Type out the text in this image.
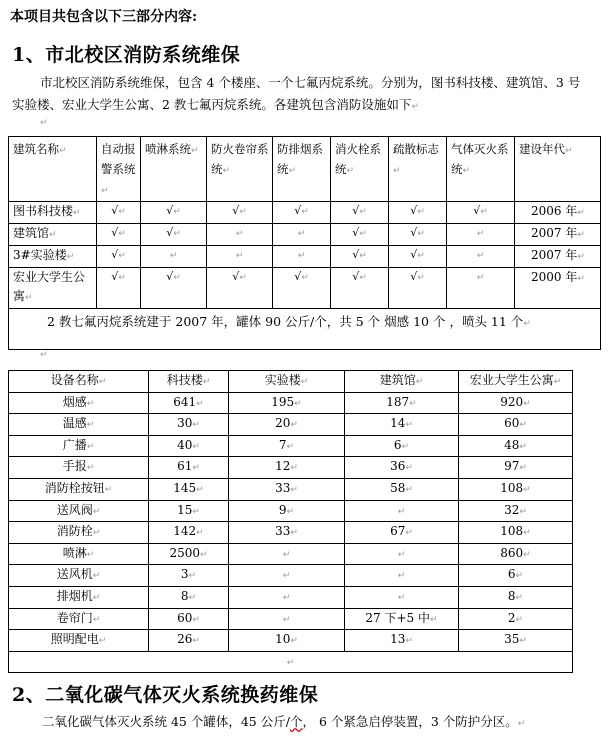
本项目共包含以下三部分内容:
1、市北校区消防系统维保
市北校区消防系统维保，包含 4 个楼座、一个七氟丙烷系统。分别为，图书科技楼、建筑馆、3 号实验楼、宏业大学生公寓、2 教七氟丙烷系统。各建筑包含消防设施如下↵
↵
建筑名称↵	自动报警系统↵	喷淋系统↵	防火卷帘系统↵	防排烟系统↵	消火栓系统↵	疏散标志↵	气体灭火系统↵	建设年代↵
图书科技楼↵	√↵	√↵	√↵	√↵	√↵	√↵	√↵	2006 年↵
建筑馆↵	√↵	√↵	↵	↵	√↵	√↵	↵	2007 年↵
3#实验楼↵	√↵	↵	↵	↵	√↵	√↵	↵	2007 年↵
宏业大学生公寓↵	√↵	√↵	√↵	√↵	√↵	√↵	↵	2000 年↵
2 教七氟丙烷系统建于 2007 年，罐体 90 公斤/个，共 5 个 烟感 10 个 ，喷头 11 个↵								
↵
设备名称↵	科技楼↵	实验楼↵	建筑馆↵	宏业大学生公寓↵
烟感↵	641↵	195↵	187↵	920↵
温感↵	30↵	20↵	14↵	60↵
广播↵	40↵	7↵	6↵	48↵
手报↵	61↵	12↵	36↵	97↵
消防栓按钮↵	145↵	33↵	58↵	108↵
送风阀↵	15↵	9↵	↵	32↵
消防栓↵	142↵	33↵	67↵	108↵
喷淋↵	2500↵	↵	↵	860↵
送风机↵	3↵	↵	↵	6↵
排烟机↵	8↵	↵	↵	8↵
卷帘门↵	60↵	↵	27 下+5 中↵	2↵
照明配电↵	26↵	10↵	13↵	35↵
↵				
2、二氧化碳气体灭火系统换药维保
二氧化碳气体灭火系统 45 个罐体，45 公斤/个， 6 个紧急启停装置，3 个防护分区。↵
